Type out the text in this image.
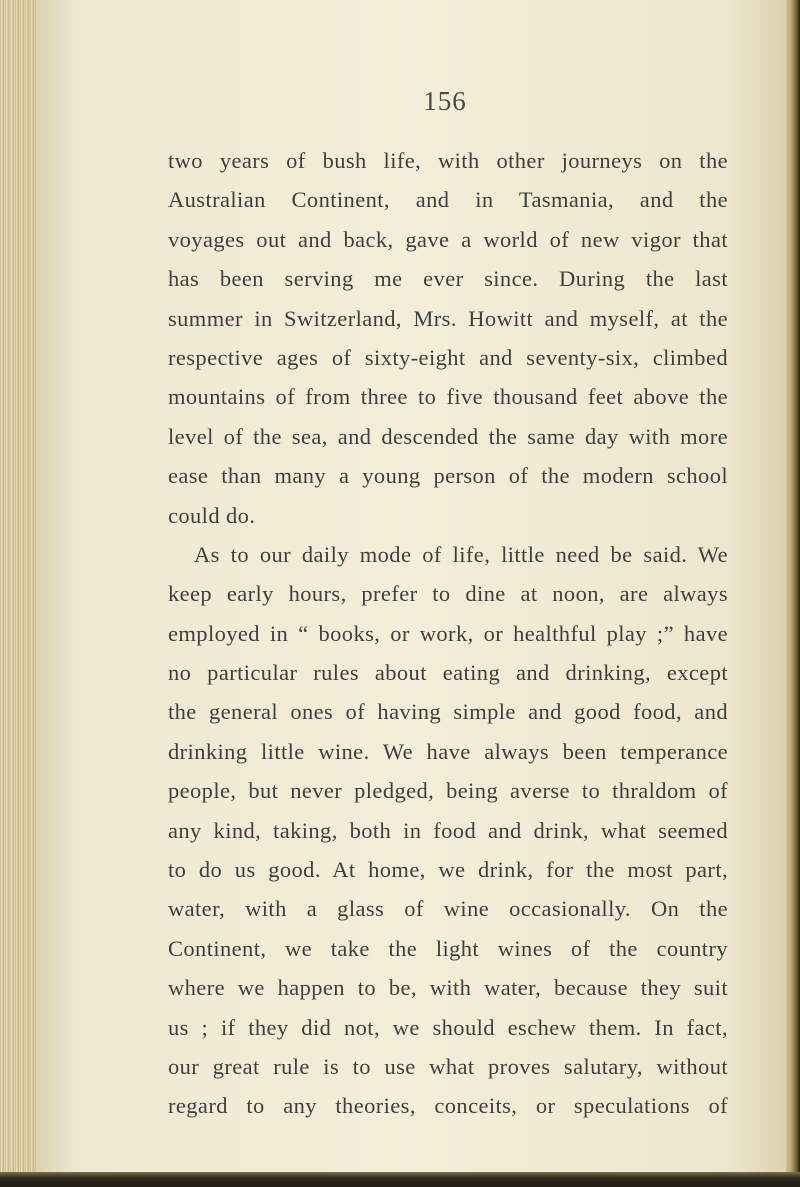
156

two years of bush life, with other journeys on the
Australian Continent, and in Tasmania, and the
voyages out and back, gave a world of new vigor that
has been serving me ever since. During the last
summer in Switzerland, Mrs. Howitt and myself, at the
respective ages of sixty-eight and seventy-six, climbed
mountains of from three to five thousand feet above the
level of the sea, and descended the same day with more
ease than many a young person of the modern school
could do.
As to our daily mode of life, little need be said. We
keep early hours, prefer to dine at noon, are always
employed in “ books, or work, or healthful play ;” have
no particular rules about eating and drinking, except
the general ones of having simple and good food, and
drinking little wine. We have always been temperance
people, but never pledged, being averse to thraldom of
any kind, taking, both in food and drink, what seemed
to do us good. At home, we drink, for the most part,
water, with a glass of wine occasionally. On the
Continent, we take the light wines of the country
where we happen to be, with water, because they suit
us ; if they did not, we should eschew them. In fact,
our great rule is to use what proves salutary, without
regard to any theories, conceits, or speculations of
